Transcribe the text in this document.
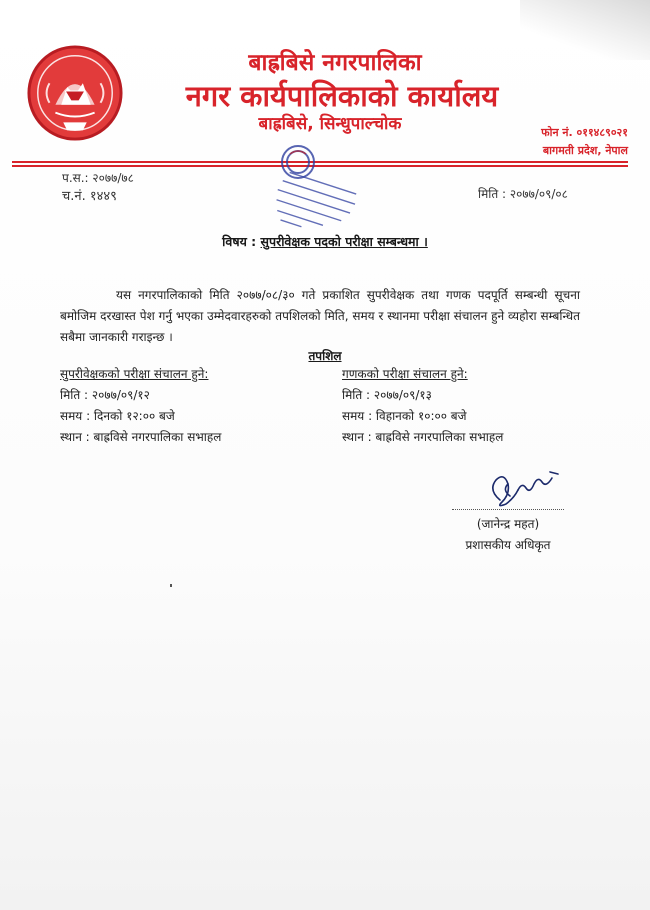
बाह्रबिसे नगरपालिका
नगर कार्यपालिकाको कार्यालय
बाह्रबिसे, सिन्धुपाल्चोक	फोन नं. ०११४८९०२१
बागमती प्रदेश, नेपाल
प.स.: २०७७/७८
च.नं. १४४९	मिति : २०७७/०९/०८
विषय : सुपरीवेक्षक पदको परीक्षा सम्बन्धमा ।
यस नगरपालिकाको मिति २०७७/०८/३० गते प्रकाशित सुपरीवेक्षक तथा गणक पदपूर्ति सम्बन्धी सूचना बमोजिम दरखास्त पेश गर्नु भएका उम्मेदवारहरुको तपशिलको मिति, समय र स्थानमा परीक्षा संचालन हुने व्यहोरा सम्बन्धित सबैमा जानकारी गराइन्छ ।
तपशिल
सुपरीवेक्षकको परीक्षा संचालन हुने:
मिति : २०७७/०९/१२
समय : दिनको १२:०० बजे
स्थान : बाह्रविसे नगरपालिका सभाहल
गणकको परीक्षा संचालन हुने:
मिति : २०७७/०९/१३
समय : विहानको १०:०० बजे
स्थान : बाह्रविसे नगरपालिका सभाहल
(जानेन्द्र महत)
प्रशासकीय अधिकृत
